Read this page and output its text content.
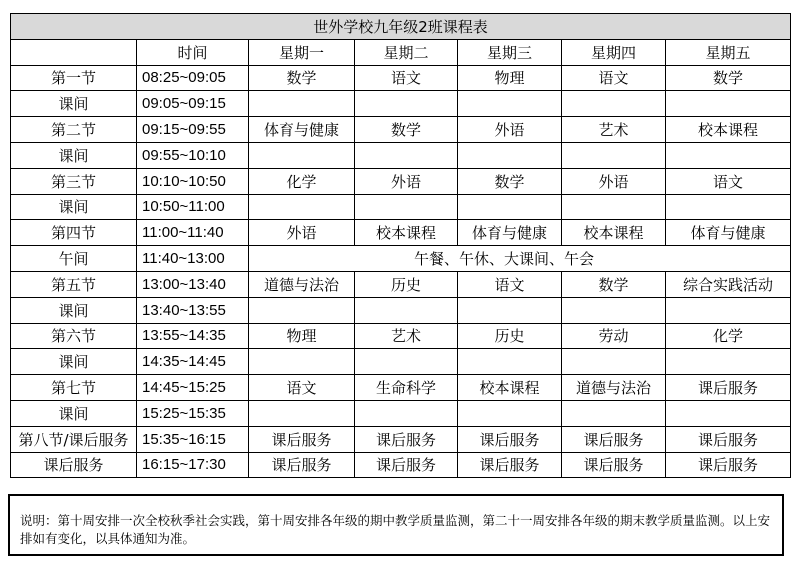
世外学校九年级2班课程表						
	时间	星期一	星期二	星期三	星期四	星期五
第一节	08:25~09:05	数学	语文	物理	语文	数学
课间	09:05~09:15					
第二节	09:15~09:55	体育与健康	数学	外语	艺术	校本课程
课间	09:55~10:10					
第三节	10:10~10:50	化学	外语	数学	外语	语文
课间	10:50~11:00					
第四节	11:00~11:40	外语	校本课程	体育与健康	校本课程	体育与健康
午间	11:40~13:00	午餐、午休、大课间、午会				
第五节	13:00~13:40	道德与法治	历史	语文	数学	综合实践活动
课间	13:40~13:55					
第六节	13:55~14:35	物理	艺术	历史	劳动	化学
课间	14:35~14:45					
第七节	14:45~15:25	语文	生命科学	校本课程	道德与法治	课后服务
课间	15:25~15:35					
第八节/课后服务	15:35~16:15	课后服务	课后服务	课后服务	课后服务	课后服务
课后服务	16:15~17:30	课后服务	课后服务	课后服务	课后服务	课后服务

说明：第十周安排一次全校秋季社会实践，第十周安排各年级的期中教学质量监测，第二十一周安排各年级的期末教学质量监测。以上安排如有变化，以具体通知为准。
